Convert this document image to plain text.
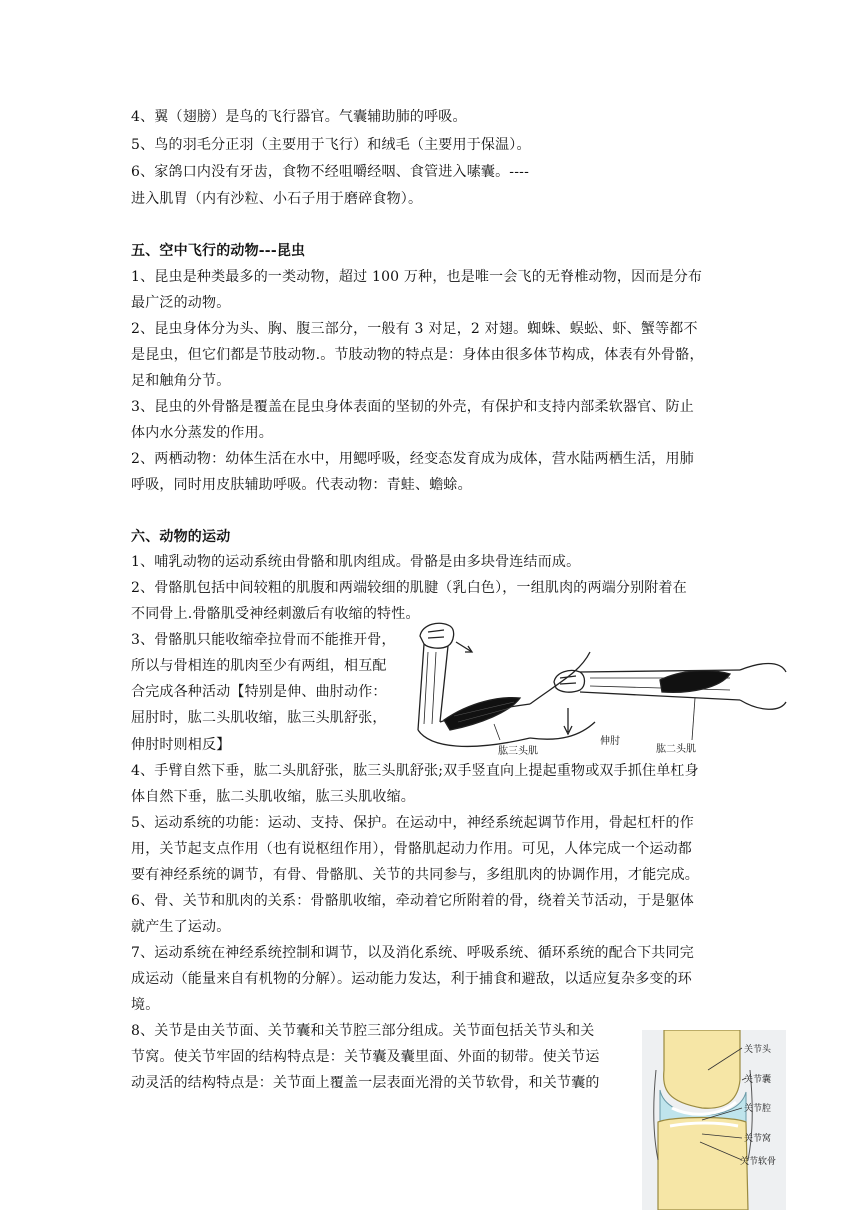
4、翼（翅膀）是鸟的飞行器官。气囊辅助肺的呼吸。
5、鸟的羽毛分正羽（主要用于飞行）和绒毛（主要用于保温）。
6、家鸽口内没有牙齿，食物不经咀嚼经咽、食管进入嗉囊。----
进入肌胃（内有沙粒、小石子用于磨碎食物）。
五、空中飞行的动物---昆虫
1、昆虫是种类最多的一类动物，超过 100 万种，也是唯一会飞的无脊椎动物，因而是分布
最广泛的动物。
2、昆虫身体分为头、胸、腹三部分，一般有 3 对足，2 对翅。蜘蛛、蜈蚣、虾、蟹等都不
是昆虫，但它们都是节肢动物.。节肢动物的特点是：身体由很多体节构成，体表有外骨骼，
足和触角分节。
3、昆虫的外骨骼是覆盖在昆虫身体表面的坚韧的外壳，有保护和支持内部柔软器官、防止
体内水分蒸发的作用。
2、两栖动物：幼体生活在水中，用鳃呼吸，经变态发育成为成体，营水陆两栖生活，用肺
呼吸，同时用皮肤辅助呼吸。代表动物：青蛙、蟾蜍。
六、动物的运动
1、哺乳动物的运动系统由骨骼和肌肉组成。骨骼是由多块骨连结而成。
2、骨骼肌包括中间较粗的肌腹和两端较细的肌腱（乳白色），一组肌肉的两端分别附着在
不同骨上.骨骼肌受神经刺激后有收缩的特性。
3、骨骼肌只能收缩牵拉骨而不能推开骨，
所以与骨相连的肌肉至少有两组，相互配
合完成各种活动【特别是伸、曲肘动作：
屈肘时，肱二头肌收缩，肱三头肌舒张，
伸肘时则相反】
4、手臂自然下垂，肱二头肌舒张，肱三头肌舒张;双手竖直向上提起重物或双手抓住单杠身
体自然下垂，肱二头肌收缩，肱三头肌收缩。
5、运动系统的功能：运动、支持、保护。在运动中，神经系统起调节作用，骨起杠杆的作
用，关节起支点作用（也有说枢纽作用），骨骼肌起动力作用。可见，人体完成一个运动都
要有神经系统的调节，有骨、骨骼肌、关节的共同参与，多组肌肉的协调作用，才能完成。
6、骨、关节和肌肉的关系：骨骼肌收缩，牵动着它所附着的骨，绕着关节活动，于是躯体
就产生了运动。
7、运动系统在神经系统控制和调节，以及消化系统、呼吸系统、循环系统的配合下共同完
成运动（能量来自有机物的分解）。运动能力发达，利于捕食和避敌，以适应复杂多变的环
境。
8、关节是由关节面、关节囊和关节腔三部分组成。关节面包括关节头和关
节窝。使关节牢固的结构特点是：关节囊及囊里面、外面的韧带。使关节运
动灵活的结构特点是：关节面上覆盖一层表面光滑的关节软骨，和关节囊的
肱三头肌
伸肘
肱二头肌
关节头
关节囊
关节腔
关节窝
关节软骨
